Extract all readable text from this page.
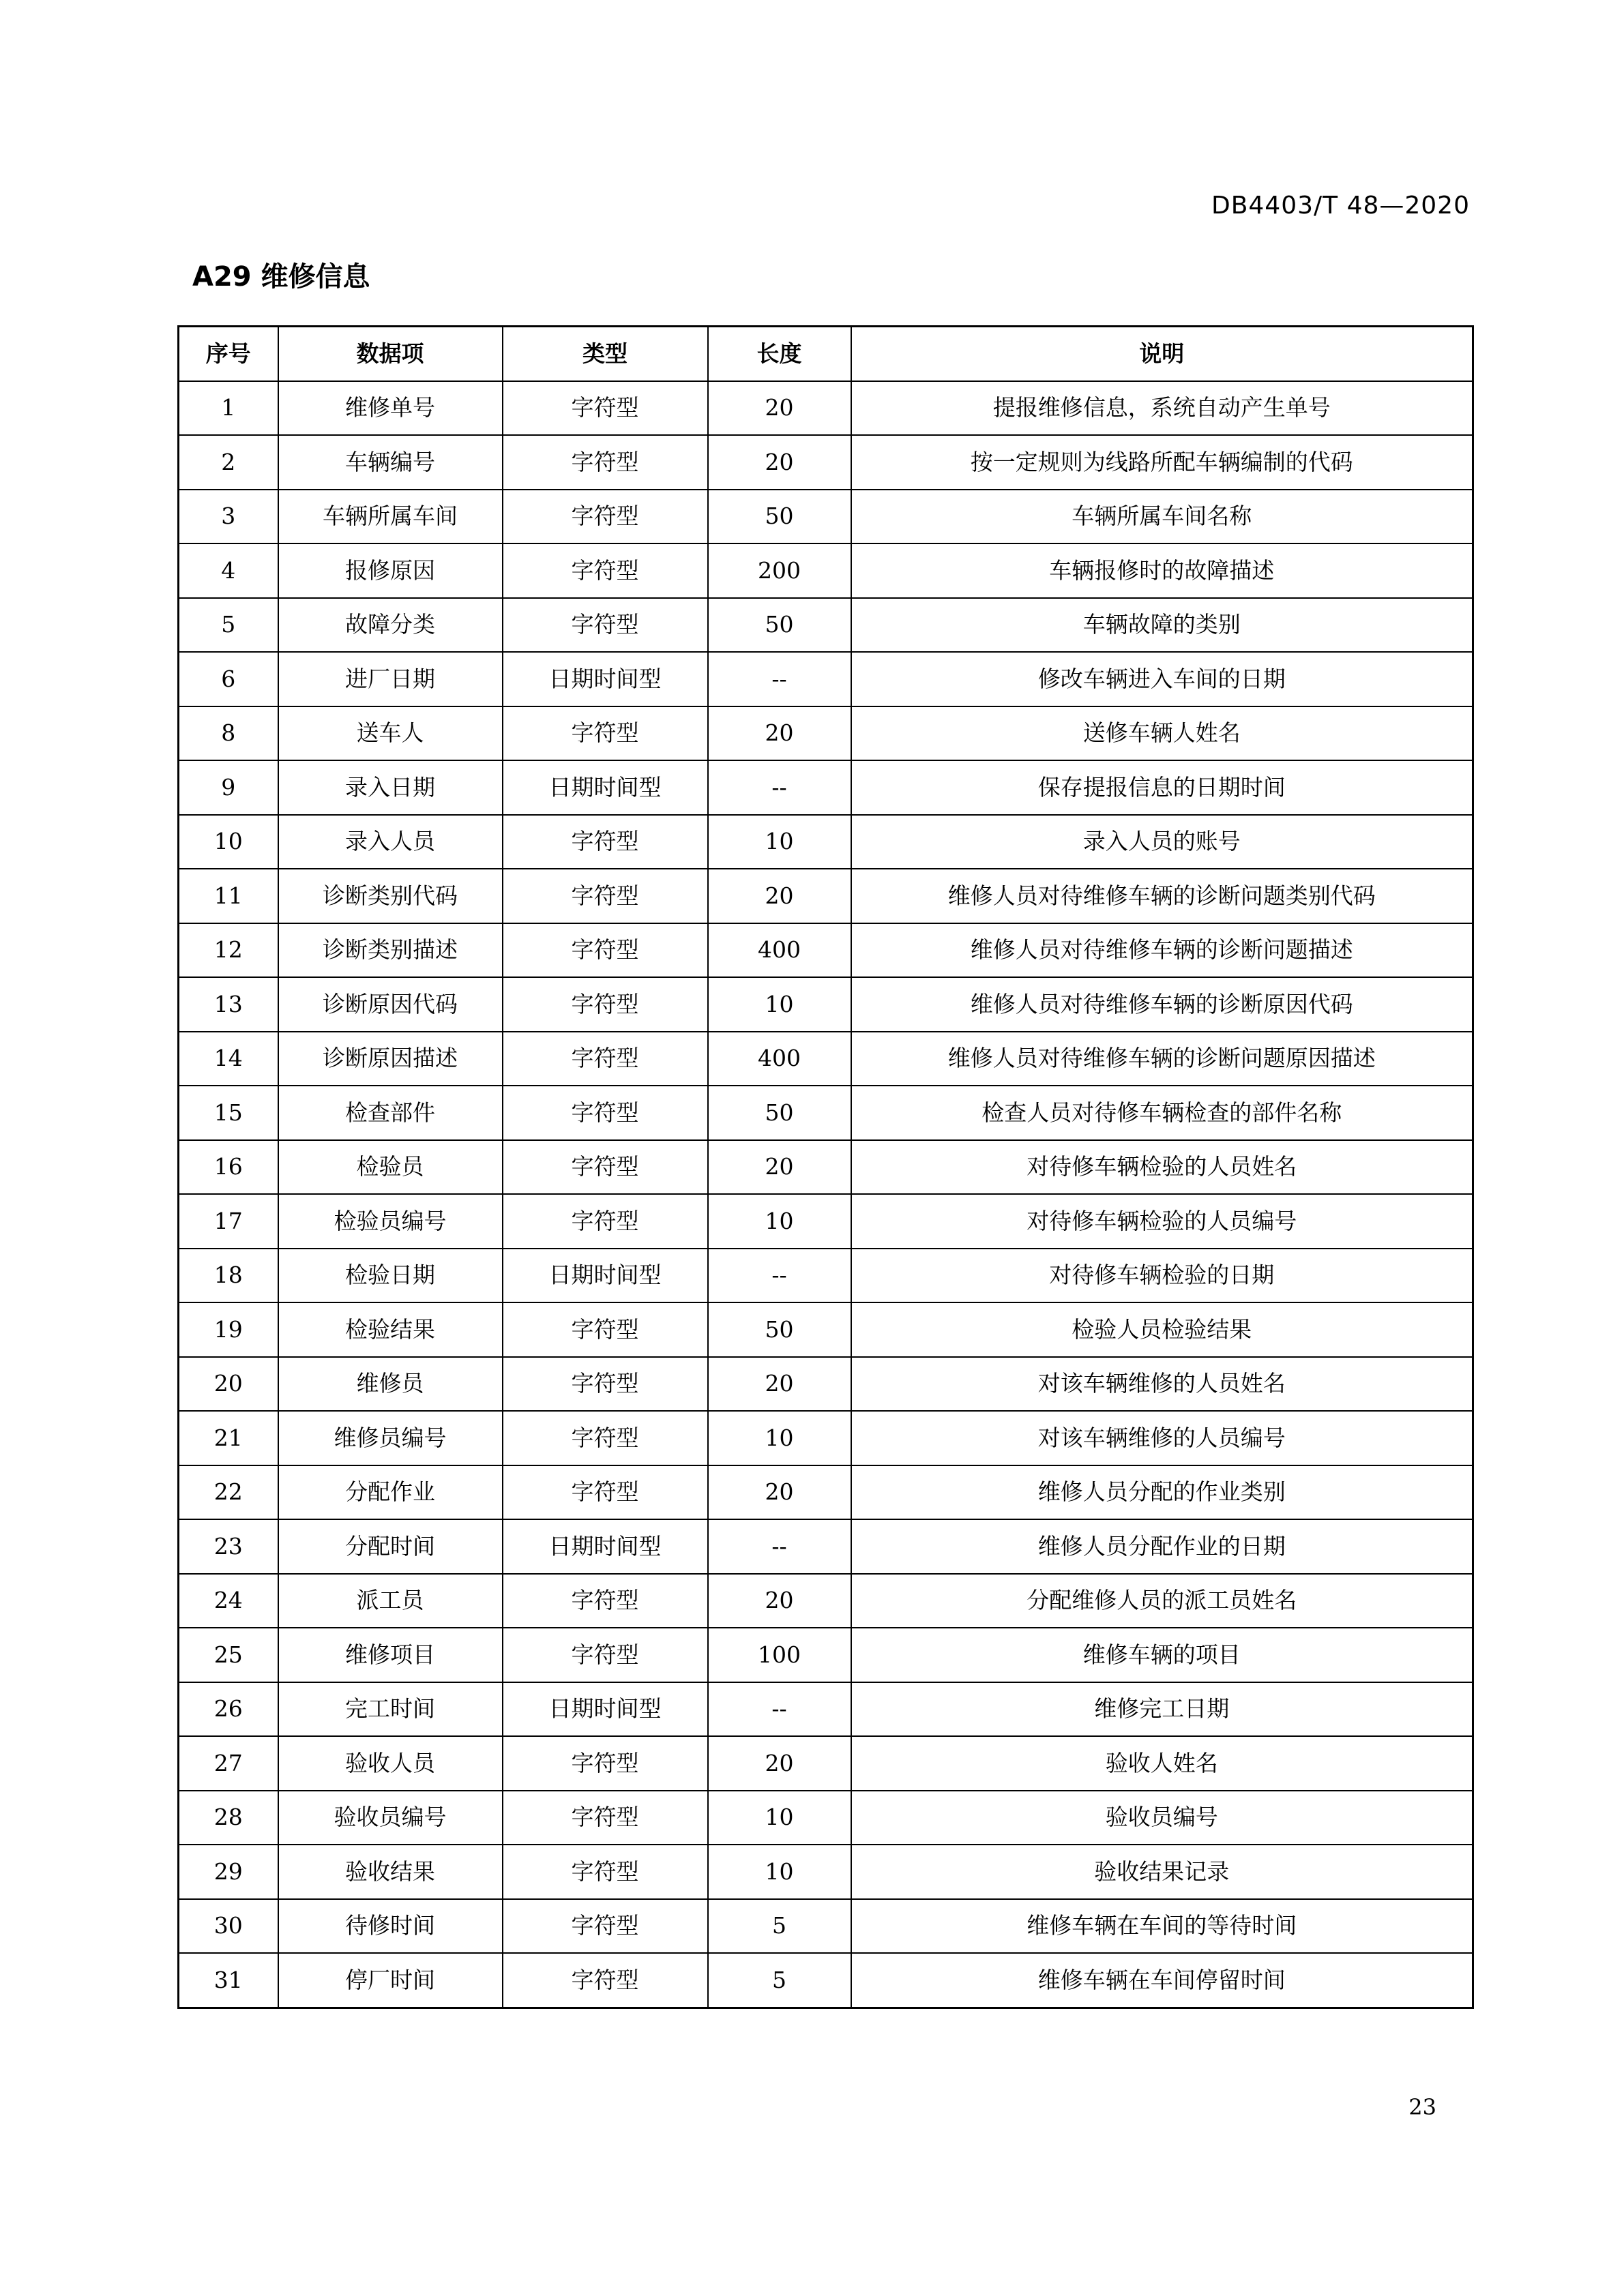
DB4403/T 48—2020
A29 维修信息
序号	数据项	类型	长度	说明
1	维修单号	字符型	20	提报维修信息，系统自动产生单号
2	车辆编号	字符型	20	按一定规则为线路所配车辆编制的代码
3	车辆所属车间	字符型	50	车辆所属车间名称
4	报修原因	字符型	200	车辆报修时的故障描述
5	故障分类	字符型	50	车辆故障的类别
6	进厂日期	日期时间型	--	修改车辆进入车间的日期
8	送车人	字符型	20	送修车辆人姓名
9	录入日期	日期时间型	--	保存提报信息的日期时间
10	录入人员	字符型	10	录入人员的账号
11	诊断类别代码	字符型	20	维修人员对待维修车辆的诊断问题类别代码
12	诊断类别描述	字符型	400	维修人员对待维修车辆的诊断问题描述
13	诊断原因代码	字符型	10	维修人员对待维修车辆的诊断原因代码
14	诊断原因描述	字符型	400	维修人员对待维修车辆的诊断问题原因描述
15	检查部件	字符型	50	检查人员对待修车辆检查的部件名称
16	检验员	字符型	20	对待修车辆检验的人员姓名
17	检验员编号	字符型	10	对待修车辆检验的人员编号
18	检验日期	日期时间型	--	对待修车辆检验的日期
19	检验结果	字符型	50	检验人员检验结果
20	维修员	字符型	20	对该车辆维修的人员姓名
21	维修员编号	字符型	10	对该车辆维修的人员编号
22	分配作业	字符型	20	维修人员分配的作业类别
23	分配时间	日期时间型	--	维修人员分配作业的日期
24	派工员	字符型	20	分配维修人员的派工员姓名
25	维修项目	字符型	100	维修车辆的项目
26	完工时间	日期时间型	--	维修完工日期
27	验收人员	字符型	20	验收人姓名
28	验收员编号	字符型	10	验收员编号
29	验收结果	字符型	10	验收结果记录
30	待修时间	字符型	5	维修车辆在车间的等待时间
31	停厂时间	字符型	5	维修车辆在车间停留时间
23
